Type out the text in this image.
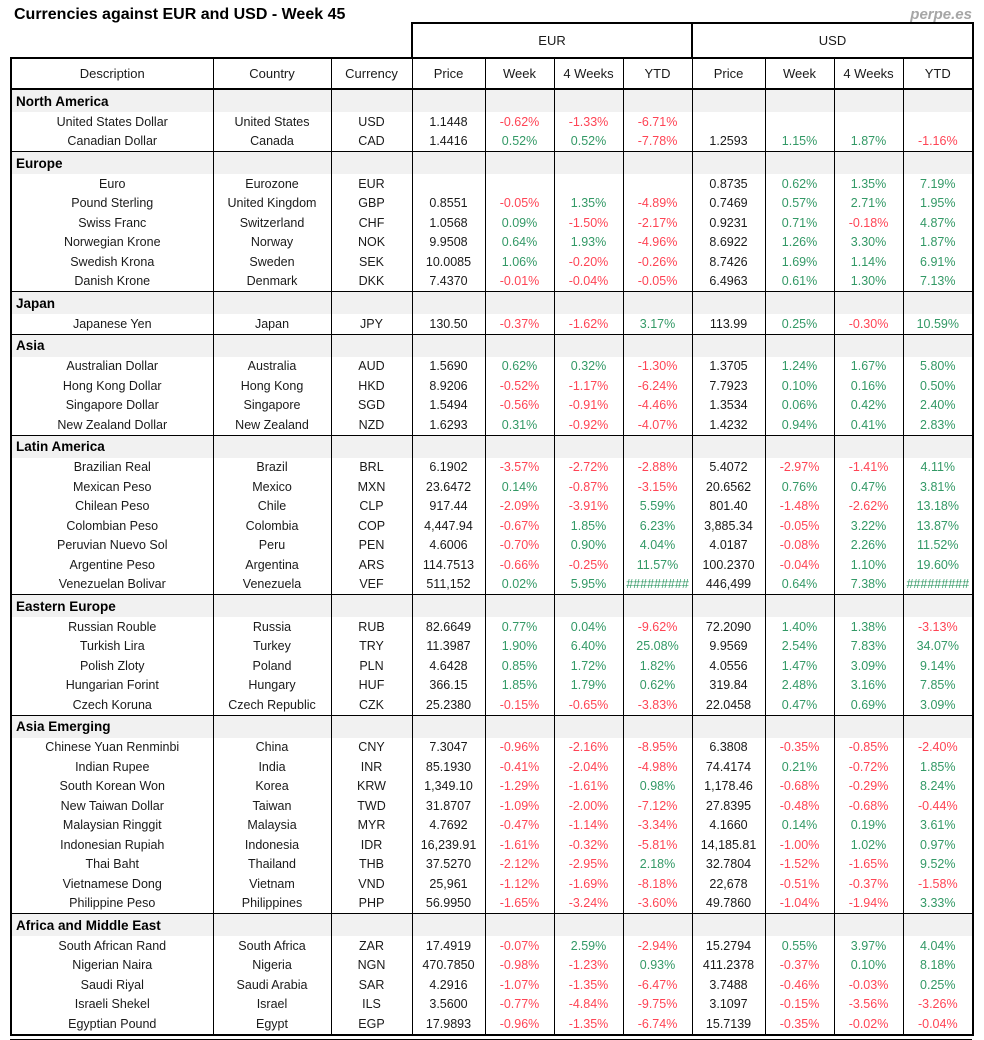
Currencies against EUR and USD - Week 45	perpe.es
			EUR				USD			
Description	Country	Currency	Price	Week	4 Weeks	YTD	Price	Week	4 Weeks	YTD
North America										
United States Dollar	United States	USD	1.1448	-0.62%	-1.33%	-6.71%				
Canadian Dollar	Canada	CAD	1.4416	0.52%	0.52%	-7.78%	1.2593	1.15%	1.87%	-1.16%
Europe										
Euro	Eurozone	EUR					0.8735	0.62%	1.35%	7.19%
Pound Sterling	United Kingdom	GBP	0.8551	-0.05%	1.35%	-4.89%	0.7469	0.57%	2.71%	1.95%
Swiss Franc	Switzerland	CHF	1.0568	0.09%	-1.50%	-2.17%	0.9231	0.71%	-0.18%	4.87%
Norwegian Krone	Norway	NOK	9.9508	0.64%	1.93%	-4.96%	8.6922	1.26%	3.30%	1.87%
Swedish Krona	Sweden	SEK	10.0085	1.06%	-0.20%	-0.26%	8.7426	1.69%	1.14%	6.91%
Danish Krone	Denmark	DKK	7.4370	-0.01%	-0.04%	-0.05%	6.4963	0.61%	1.30%	7.13%
Japan										
Japanese Yen	Japan	JPY	130.50	-0.37%	-1.62%	3.17%	113.99	0.25%	-0.30%	10.59%
Asia										
Australian Dollar	Australia	AUD	1.5690	0.62%	0.32%	-1.30%	1.3705	1.24%	1.67%	5.80%
Hong Kong Dollar	Hong Kong	HKD	8.9206	-0.52%	-1.17%	-6.24%	7.7923	0.10%	0.16%	0.50%
Singapore Dollar	Singapore	SGD	1.5494	-0.56%	-0.91%	-4.46%	1.3534	0.06%	0.42%	2.40%
New Zealand Dollar	New Zealand	NZD	1.6293	0.31%	-0.92%	-4.07%	1.4232	0.94%	0.41%	2.83%
Latin America										
Brazilian Real	Brazil	BRL	6.1902	-3.57%	-2.72%	-2.88%	5.4072	-2.97%	-1.41%	4.11%
Mexican Peso	Mexico	MXN	23.6472	0.14%	-0.87%	-3.15%	20.6562	0.76%	0.47%	3.81%
Chilean Peso	Chile	CLP	917.44	-2.09%	-3.91%	5.59%	801.40	-1.48%	-2.62%	13.18%
Colombian Peso	Colombia	COP	4,447.94	-0.67%	1.85%	6.23%	3,885.34	-0.05%	3.22%	13.87%
Peruvian Nuevo Sol	Peru	PEN	4.6006	-0.70%	0.90%	4.04%	4.0187	-0.08%	2.26%	11.52%
Argentine Peso	Argentina	ARS	114.7513	-0.66%	-0.25%	11.57%	100.2370	-0.04%	1.10%	19.60%
Venezuelan Bolivar	Venezuela	VEF	511,152	0.02%	5.95%	#########	446,499	0.64%	7.38%	#########
Eastern Europe										
Russian Rouble	Russia	RUB	82.6649	0.77%	0.04%	-9.62%	72.2090	1.40%	1.38%	-3.13%
Turkish Lira	Turkey	TRY	11.3987	1.90%	6.40%	25.08%	9.9569	2.54%	7.83%	34.07%
Polish Zloty	Poland	PLN	4.6428	0.85%	1.72%	1.82%	4.0556	1.47%	3.09%	9.14%
Hungarian Forint	Hungary	HUF	366.15	1.85%	1.79%	0.62%	319.84	2.48%	3.16%	7.85%
Czech Koruna	Czech Republic	CZK	25.2380	-0.15%	-0.65%	-3.83%	22.0458	0.47%	0.69%	3.09%
Asia Emerging										
Chinese Yuan Renminbi	China	CNY	7.3047	-0.96%	-2.16%	-8.95%	6.3808	-0.35%	-0.85%	-2.40%
Indian Rupee	India	INR	85.1930	-0.41%	-2.04%	-4.98%	74.4174	0.21%	-0.72%	1.85%
South Korean Won	Korea	KRW	1,349.10	-1.29%	-1.61%	0.98%	1,178.46	-0.68%	-0.29%	8.24%
New Taiwan Dollar	Taiwan	TWD	31.8707	-1.09%	-2.00%	-7.12%	27.8395	-0.48%	-0.68%	-0.44%
Malaysian Ringgit	Malaysia	MYR	4.7692	-0.47%	-1.14%	-3.34%	4.1660	0.14%	0.19%	3.61%
Indonesian Rupiah	Indonesia	IDR	16,239.91	-1.61%	-0.32%	-5.81%	14,185.81	-1.00%	1.02%	0.97%
Thai Baht	Thailand	THB	37.5270	-2.12%	-2.95%	2.18%	32.7804	-1.52%	-1.65%	9.52%
Vietnamese Dong	Vietnam	VND	25,961	-1.12%	-1.69%	-8.18%	22,678	-0.51%	-0.37%	-1.58%
Philippine Peso	Philippines	PHP	56.9950	-1.65%	-3.24%	-3.60%	49.7860	-1.04%	-1.94%	3.33%
Africa and Middle East										
South African Rand	South Africa	ZAR	17.4919	-0.07%	2.59%	-2.94%	15.2794	0.55%	3.97%	4.04%
Nigerian Naira	Nigeria	NGN	470.7850	-0.98%	-1.23%	0.93%	411.2378	-0.37%	0.10%	8.18%
Saudi Riyal	Saudi Arabia	SAR	4.2916	-1.07%	-1.35%	-6.47%	3.7488	-0.46%	-0.03%	0.25%
Israeli Shekel	Israel	ILS	3.5600	-0.77%	-4.84%	-9.75%	3.1097	-0.15%	-3.56%	-3.26%
Egyptian Pound	Egypt	EGP	17.9893	-0.96%	-1.35%	-6.74%	15.7139	-0.35%	-0.02%	-0.04%
